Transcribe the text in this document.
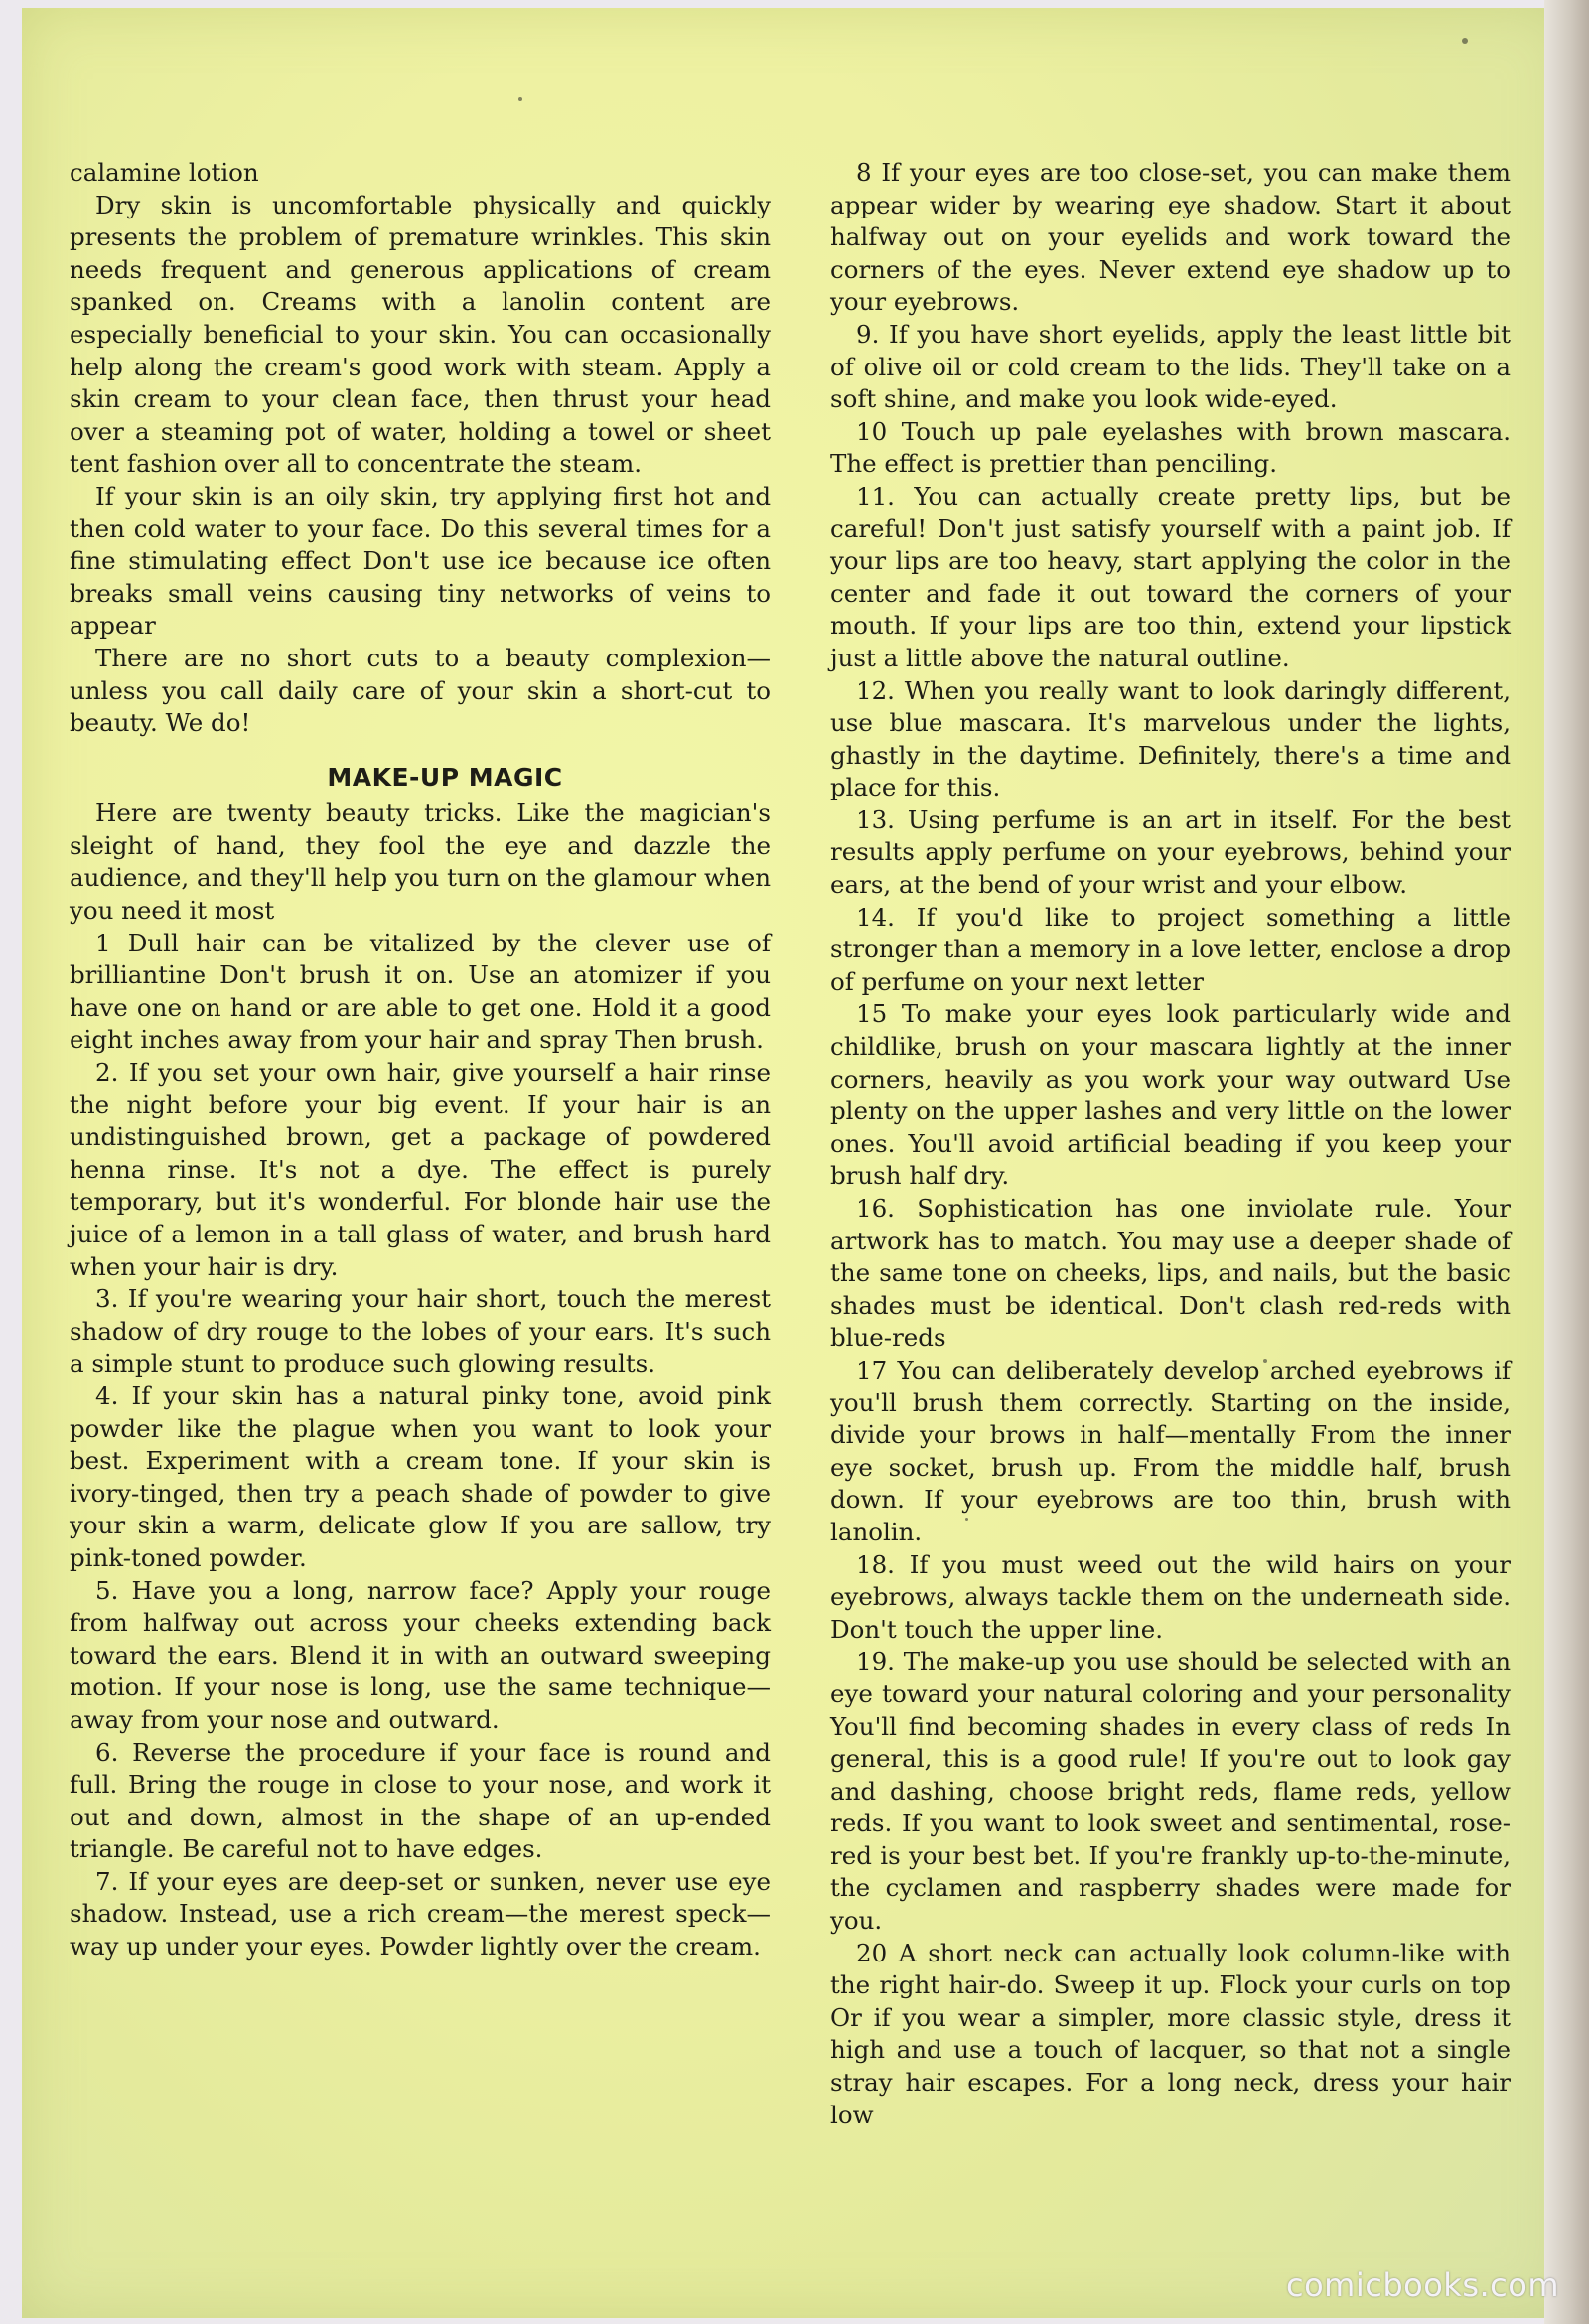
calamine lotion

Dry skin is uncomfortable physically and quickly presents the problem of premature wrinkles. This skin needs frequent and generous applications of cream spanked on. Creams with a lanolin content are especially beneficial to your skin. You can occasionally help along the cream's good work with steam. Apply a skin cream to your clean face, then thrust your head over a steaming pot of water, holding a towel or sheet tent fashion over all to concentrate the steam.

If your skin is an oily skin, try applying first hot and then cold water to your face. Do this several times for a fine stimulating effect Don't use ice because ice often breaks small veins causing tiny networks of veins to appear

There are no short cuts to a beauty complexion—unless you call daily care of your skin a short-cut to beauty. We do!

MAKE-UP MAGIC

Here are twenty beauty tricks. Like the magician's sleight of hand, they fool the eye and dazzle the audience, and they'll help you turn on the glamour when you need it most

1 Dull hair can be vitalized by the clever use of brilliantine Don't brush it on. Use an atomizer if you have one on hand or are able to get one. Hold it a good eight inches away from your hair and spray Then brush.

2. If you set your own hair, give yourself a hair rinse the night before your big event. If your hair is an undistinguished brown, get a package of powdered henna rinse. It's not a dye. The effect is purely temporary, but it's wonderful. For blonde hair use the juice of a lemon in a tall glass of water, and brush hard when your hair is dry.

3. If you're wearing your hair short, touch the merest shadow of dry rouge to the lobes of your ears. It's such a simple stunt to produce such glowing results.

4. If your skin has a natural pinky tone, avoid pink powder like the plague when you want to look your best. Experiment with a cream tone. If your skin is ivory-tinged, then try a peach shade of powder to give your skin a warm, delicate glow If you are sallow, try pink-toned powder.

5. Have you a long, narrow face? Apply your rouge from halfway out across your cheeks extending back toward the ears. Blend it in with an outward sweeping motion. If your nose is long, use the same technique—away from your nose and outward.

6. Reverse the procedure if your face is round and full. Bring the rouge in close to your nose, and work it out and down, almost in the shape of an up-ended triangle. Be careful not to have edges.

7. If your eyes are deep-set or sunken, never use eye shadow. Instead, use a rich cream—the merest speck—way up under your eyes. Powder lightly over the cream.

8 If your eyes are too close-set, you can make them appear wider by wearing eye shadow. Start it about halfway out on your eyelids and work toward the corners of the eyes. Never extend eye shadow up to your eyebrows.

9. If you have short eyelids, apply the least little bit of olive oil or cold cream to the lids. They'll take on a soft shine, and make you look wide-eyed.

10 Touch up pale eyelashes with brown mascara. The effect is prettier than penciling.

11. You can actually create pretty lips, but be careful! Don't just satisfy yourself with a paint job. If your lips are too heavy, start applying the color in the center and fade it out toward the corners of your mouth. If your lips are too thin, extend your lipstick just a little above the natural outline.

12. When you really want to look daringly different, use blue mascara. It's marvelous under the lights, ghastly in the daytime. Definitely, there's a time and place for this.

13. Using perfume is an art in itself. For the best results apply perfume on your eyebrows, behind your ears, at the bend of your wrist and your elbow.

14. If you'd like to project something a little stronger than a memory in a love letter, enclose a drop of perfume on your next letter

15 To make your eyes look particularly wide and childlike, brush on your mascara lightly at the inner corners, heavily as you work your way outward Use plenty on the upper lashes and very little on the lower ones. You'll avoid artificial beading if you keep your brush half dry.

16. Sophistication has one inviolate rule. Your artwork has to match. You may use a deeper shade of the same tone on cheeks, lips, and nails, but the basic shades must be identical. Don't clash red-reds with blue-reds

17 You can deliberately develop arched eyebrows if you'll brush them correctly. Starting on the inside, divide your brows in half—mentally From the inner eye socket, brush up. From the middle half, brush down. If your eyebrows are too thin, brush with lanolin.

18. If you must weed out the wild hairs on your eyebrows, always tackle them on the underneath side. Don't touch the upper line.

19. The make-up you use should be selected with an eye toward your natural coloring and your personality You'll find becoming shades in every class of reds In general, this is a good rule! If you're out to look gay and dashing, choose bright reds, flame reds, yellow reds. If you want to look sweet and sentimental, rose-red is your best bet. If you're frankly up-to-the-minute, the cyclamen and raspberry shades were made for you.

20 A short neck can actually look column-like with the right hair-do. Sweep it up. Flock your curls on top Or if you wear a simpler, more classic style, dress it high and use a touch of lacquer, so that not a single stray hair escapes. For a long neck, dress your hair low

comicbooks.com
